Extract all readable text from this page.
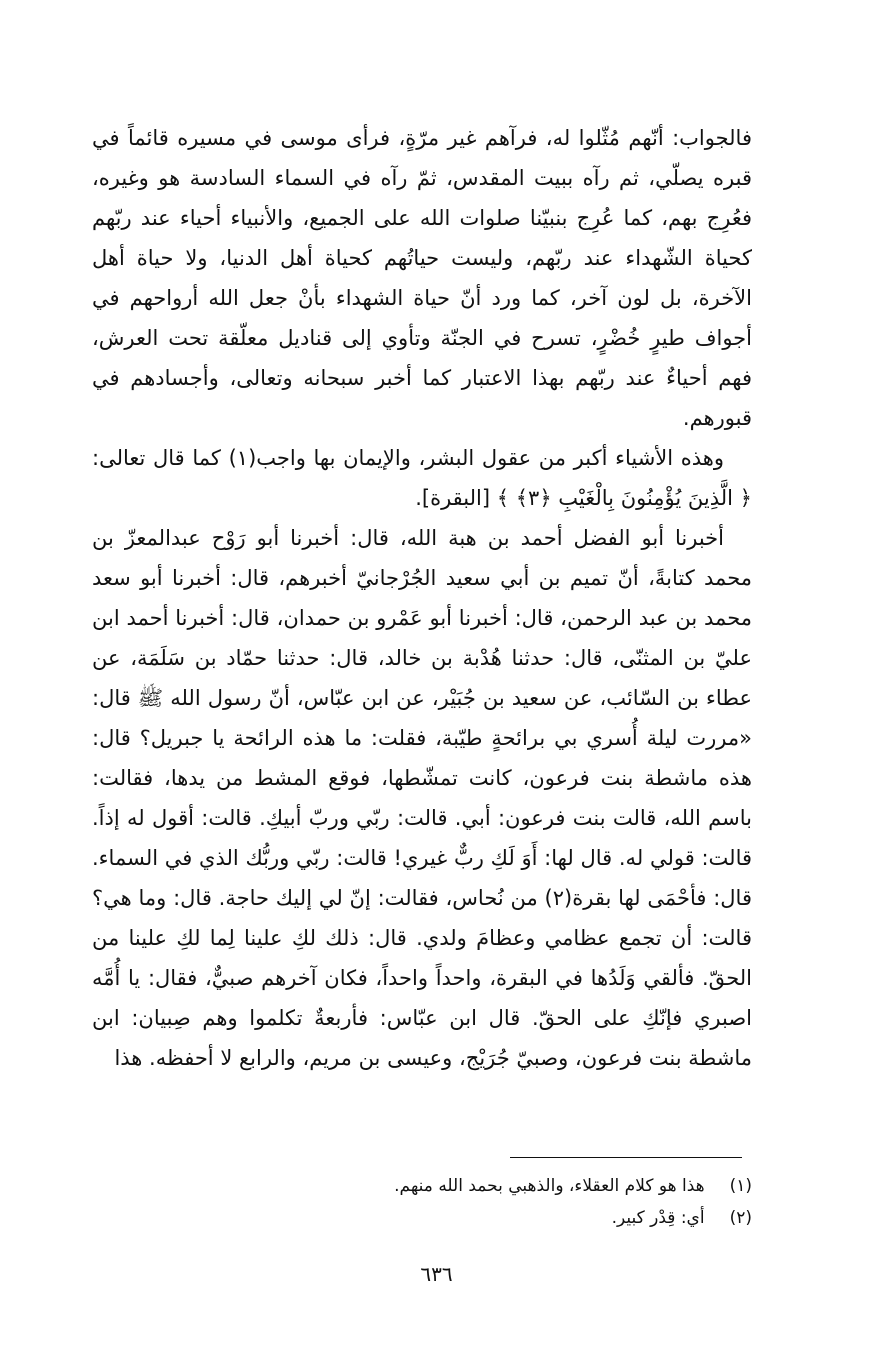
فالجواب: أنّهم مُثّلوا له، فرآهم غير مرّةٍ، فرأى موسى في مسيره قائماً في قبره يصلّي، ثم رآه ببيت المقدس، ثمّ رآه في السماء السادسة هو وغيره، فعُرِج بهم، كما عُرِج بنبيّنا صلوات الله على الجميع، والأنبياء أحياء عند ربّهم كحياة الشّهداء عند ربّهم، وليست حياتُهم كحياة أهل الدنيا، ولا حياة أهل الآخرة، بل لون آخر، كما ورد أنّ حياة الشهداء بأنْ جعل الله أرواحهم في أجواف طيرٍ خُضْرٍ، تسرح في الجنّة وتأوي إلى قناديل معلّقة تحت العرش، فهم أحياءٌ عند ربّهم بهذا الاعتبار كما أخبر سبحانه وتعالى، وأجسادهم في قبورهم.

وهذه الأشياء أكبر من عقول البشر، والإيمان بها واجب(١) كما قال تعالى: ﴿ الَّذِينَ يُؤْمِنُونَ بِالْغَيْبِ ﴿٣﴾ ﴾ [البقرة].

أخبرنا أبو الفضل أحمد بن هبة الله، قال: أخبرنا أبو رَوْح عبدالمعزّ بن محمد كتابةً، أنّ تميم بن أبي سعيد الجُرْجانيّ أخبرهم، قال: أخبرنا أبو سعد محمد بن عبد الرحمن، قال: أخبرنا أبو عَمْرو بن حمدان، قال: أخبرنا أحمد ابن عليّ بن المثنّى، قال: حدثنا هُدْبة بن خالد، قال: حدثنا حمّاد بن سَلَمَة، عن عطاء بن السّائب، عن سعيد بن جُبَيْر، عن ابن عبّاس، أنّ رسول الله ﷺ قال: «مررت ليلة أُسري بي برائحةٍ طيّبة، فقلت: ما هذه الرائحة يا جبريل؟ قال: هذه ماشطة بنت فرعون، كانت تمشّطها، فوقع المشط من يدها، فقالت: باسم الله، قالت بنت فرعون: أبي. قالت: ربّي وربّ أبيكِ. قالت: أقول له إذاً. قالت: قولي له. قال لها: أَوَ لَكِ ربٌّ غيري! قالت: ربّي وربُّك الذي في السماء. قال: فأحْمَى لها بقرة(٢) من نُحاس، فقالت: إنّ لي إليك حاجة. قال: وما هي؟ قالت: أن تجمع عظامي وعظامَ ولدي. قال: ذلك لكِ علينا لِما لكِ علينا من الحقّ. فألقي وَلَدُها في البقرة، واحداً واحداً، فكان آخرهم صبيٌّ، فقال: يا أُمَّه اصبري فإنّكِ على الحقّ. قال ابن عبّاس: فأربعةٌ تكلموا وهم صِبيان: ابن ماشطة بنت فرعون، وصبيّ جُرَيْج، وعيسى بن مريم، والرابع لا أحفظه. هذا

(١) هذا هو كلام العقلاء، والذهبي بحمد الله منهم.
(٢) أي: قِدْر كبير.
٦٣٦
